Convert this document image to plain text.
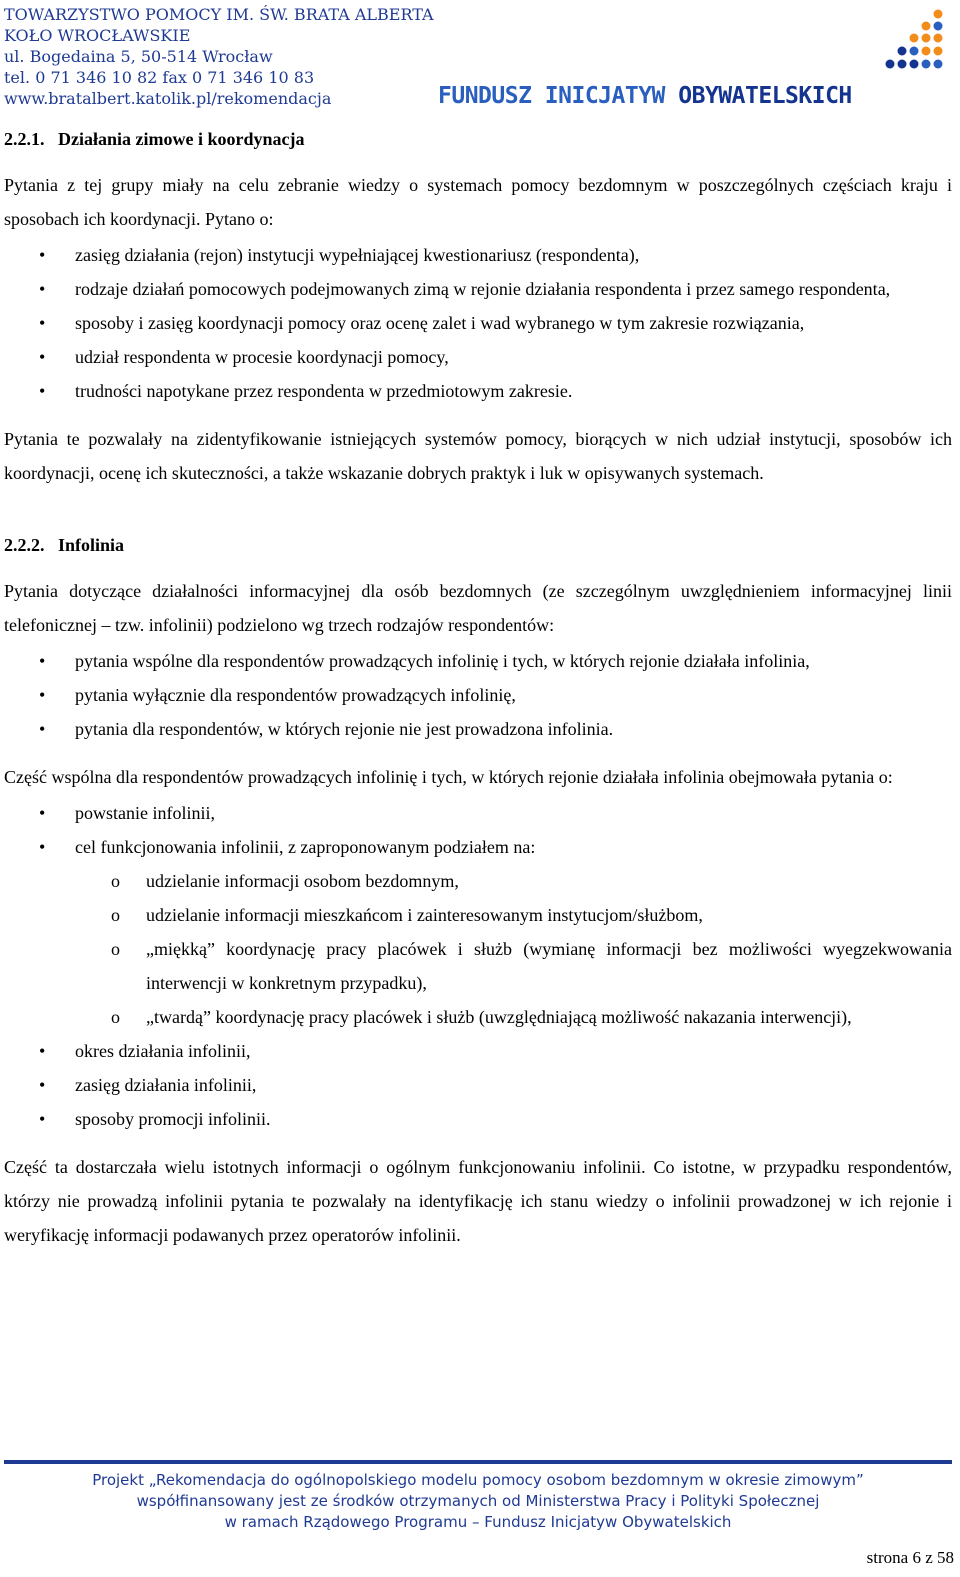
TOWARZYSTWO POMOCY IM. ŚW. BRATA ALBERTA
KOŁO WROCŁAWSKIE
ul. Bogedaina 5, 50-514 Wrocław
tel. 0 71 346 10 82 fax 0 71 346 10 83
www.bratalbert.katolik.pl/rekomendacja	FUNDUSZ INICJATYW OBYWATELSKICH
2.2.1. Działania zimowe i koordynacja

Pytania z tej grupy miały na celu zebranie wiedzy o systemach pomocy bezdomnym w poszczególnych częściach kraju i sposobach ich koordynacji. Pytano o:

• zasięg działania (rejon) instytucji wypełniającej kwestionariusz (respondenta),
• rodzaje działań pomocowych podejmowanych zimą w rejonie działania respondenta i przez samego respondenta,
• sposoby i zasięg koordynacji pomocy oraz ocenę zalet i wad wybranego w tym zakresie rozwiązania,
• udział respondenta w procesie koordynacji pomocy,
• trudności napotykane przez respondenta w przedmiotowym zakresie.

Pytania te pozwalały na zidentyfikowanie istniejących systemów pomocy, biorących w nich udział instytucji, sposobów ich koordynacji, ocenę ich skuteczności, a także wskazanie dobrych praktyk i luk w opisywanych systemach.

2.2.2. Infolinia

Pytania dotyczące działalności informacyjnej dla osób bezdomnych (ze szczególnym uwzględnieniem informacyjnej linii telefonicznej – tzw. infolinii) podzielono wg trzech rodzajów respondentów:

• pytania wspólne dla respondentów prowadzących infolinię i tych, w których rejonie działała infolinia,
• pytania wyłącznie dla respondentów prowadzących infolinię,
• pytania dla respondentów, w których rejonie nie jest prowadzona infolinia.

Część wspólna dla respondentów prowadzących infolinię i tych, w których rejonie działała infolinia obejmowała pytania o:

• powstanie infolinii,
• cel funkcjonowania infolinii, z zaproponowanym podziałem na:
o udzielanie informacji osobom bezdomnym,
o udzielanie informacji mieszkańcom i zainteresowanym instytucjom/służbom,
o „miękką” koordynację pracy placówek i służb (wymianę informacji bez możliwości wyegzekwowania interwencji w konkretnym przypadku),
o „twardą” koordynację pracy placówek i służb (uwzględniającą możliwość nakazania interwencji),
• okres działania infolinii,
• zasięg działania infolinii,
• sposoby promocji infolinii.

Część ta dostarczała wielu istotnych informacji o ogólnym funkcjonowaniu infolinii. Co istotne, w przypadku respondentów, którzy nie prowadzą infolinii pytania te pozwalały na identyfikację ich stanu wiedzy o infolinii prowadzonej w ich rejonie i weryfikację informacji podawanych przez operatorów infolinii.

Projekt „Rekomendacja do ogólnopolskiego modelu pomocy osobom bezdomnym w okresie zimowym”
współfinansowany jest ze środków otrzymanych od Ministerstwa Pracy i Polityki Społecznej
w ramach Rządowego Programu – Fundusz Inicjatyw Obywatelskich
strona 6 z 58
